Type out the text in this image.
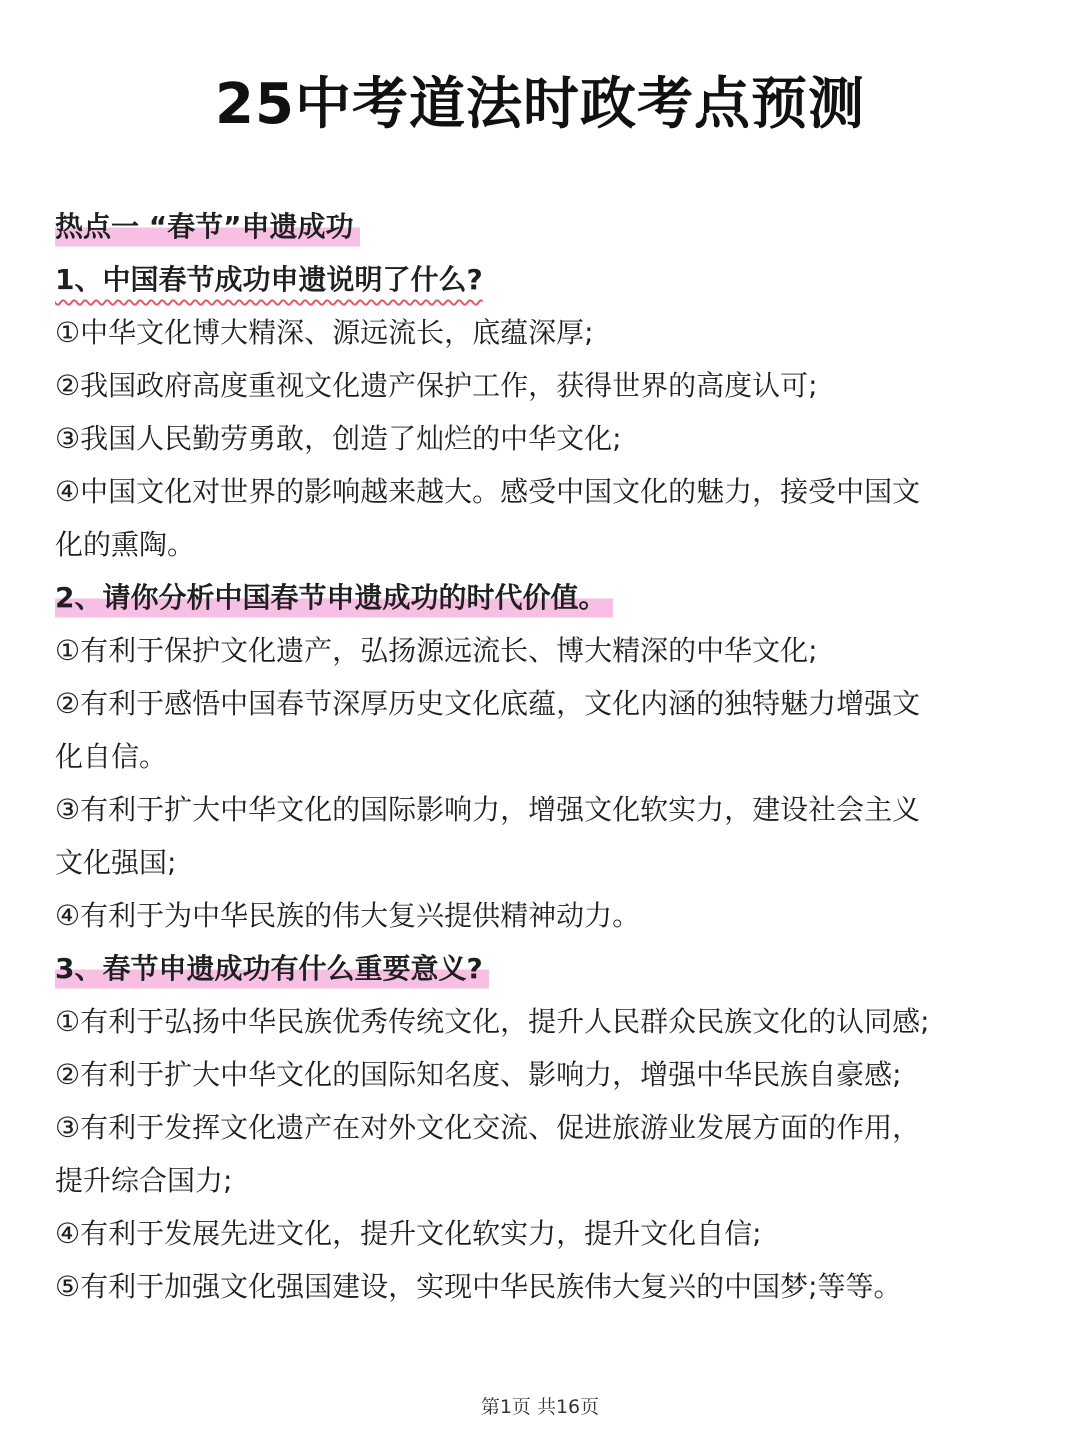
25中考道法时政考点预测
热点一 “春节”申遗成功
1、中国春节成功申遗说明了什么?

①中华文化博大精深、源远流长，底蕴深厚;

②我国政府高度重视文化遗产保护工作，获得世界的高度认可;

③我国人民勤劳勇敢，创造了灿烂的中华文化;

④中国文化对世界的影响越来越大。感受中国文化的魅力，接受中国文

化的熏陶。

2、请你分析中国春节申遗成功的时代价值。

①有利于保护文化遗产，弘扬源远流长、博大精深的中华文化;

②有利于感悟中国春节深厚历史文化底蕴，文化内涵的独特魅力增强文

化自信。

③有利于扩大中华文化的国际影响力，增强文化软实力，建设社会主义

文化强国;

④有利于为中华民族的伟大复兴提供精神动力。

3、春节申遗成功有什么重要意义?

①有利于弘扬中华民族优秀传统文化，提升人民群众民族文化的认同感;

②有利于扩大中华文化的国际知名度、影响力，增强中华民族自豪感;

③有利于发挥文化遗产在对外文化交流、促进旅游业发展方面的作用，

提升综合国力;

④有利于发展先进文化，提升文化软实力，提升文化自信;

⑤有利于加强文化强国建设，实现中华民族伟大复兴的中国梦;等等。

第1页 共16页
